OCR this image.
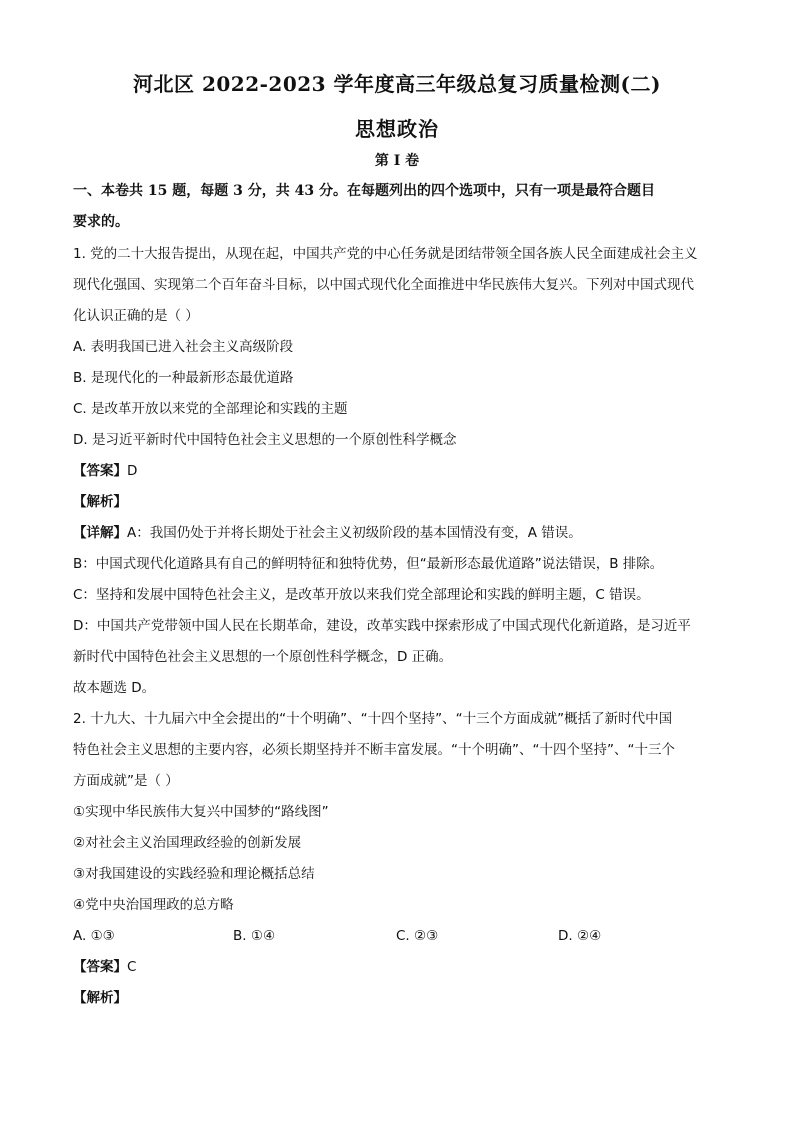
河北区 2022-2023 学年度高三年级总复习质量检测(二)
思想政治
第 I 卷
一、本卷共 15 题，每题 3 分，共 43 分。在每题列出的四个选项中，只有一项是最符合题目
要求的。
1. 党的二十大报告提出，从现在起，中国共产党的中心任务就是团结带领全国各族人民全面建成社会主义
现代化强国、实现第二个百年奋斗目标，以中国式现代化全面推进中华民族伟大复兴。下列对中国式现代
化认识正确的是（ ）
A. 表明我国已进入社会主义高级阶段
B. 是现代化的一种最新形态最优道路
C. 是改革开放以来党的全部理论和实践的主题
D. 是习近平新时代中国特色社会主义思想的一个原创性科学概念
【答案】D
【解析】
【详解】A：我国仍处于并将长期处于社会主义初级阶段的基本国情没有变，A 错误。
B：中国式现代化道路具有自己的鲜明特征和独特优势，但“最新形态最优道路”说法错误，B 排除。
C：坚持和发展中国特色社会主义，是改革开放以来我们党全部理论和实践的鲜明主题，C 错误。
D：中国共产党带领中国人民在长期革命，建设，改革实践中探索形成了中国式现代化新道路，是习近平
新时代中国特色社会主义思想的一个原创性科学概念，D 正确。
故本题选 D。
2. 十九大、十九届六中全会提出的“十个明确”、“十四个坚持”、“十三个方面成就”概括了新时代中国
特色社会主义思想的主要内容，必须长期坚持并不断丰富发展。“十个明确”、“十四个坚持”、“十三个
方面成就”是（ ）
①实现中华民族伟大复兴中国梦的“路线图”
②对社会主义治国理政经验的创新发展
③对我国建设的实践经验和理论概括总结
④党中央治国理政的总方略
A. ①③	B. ①④	C. ②③	D. ②④
【答案】C
【解析】
